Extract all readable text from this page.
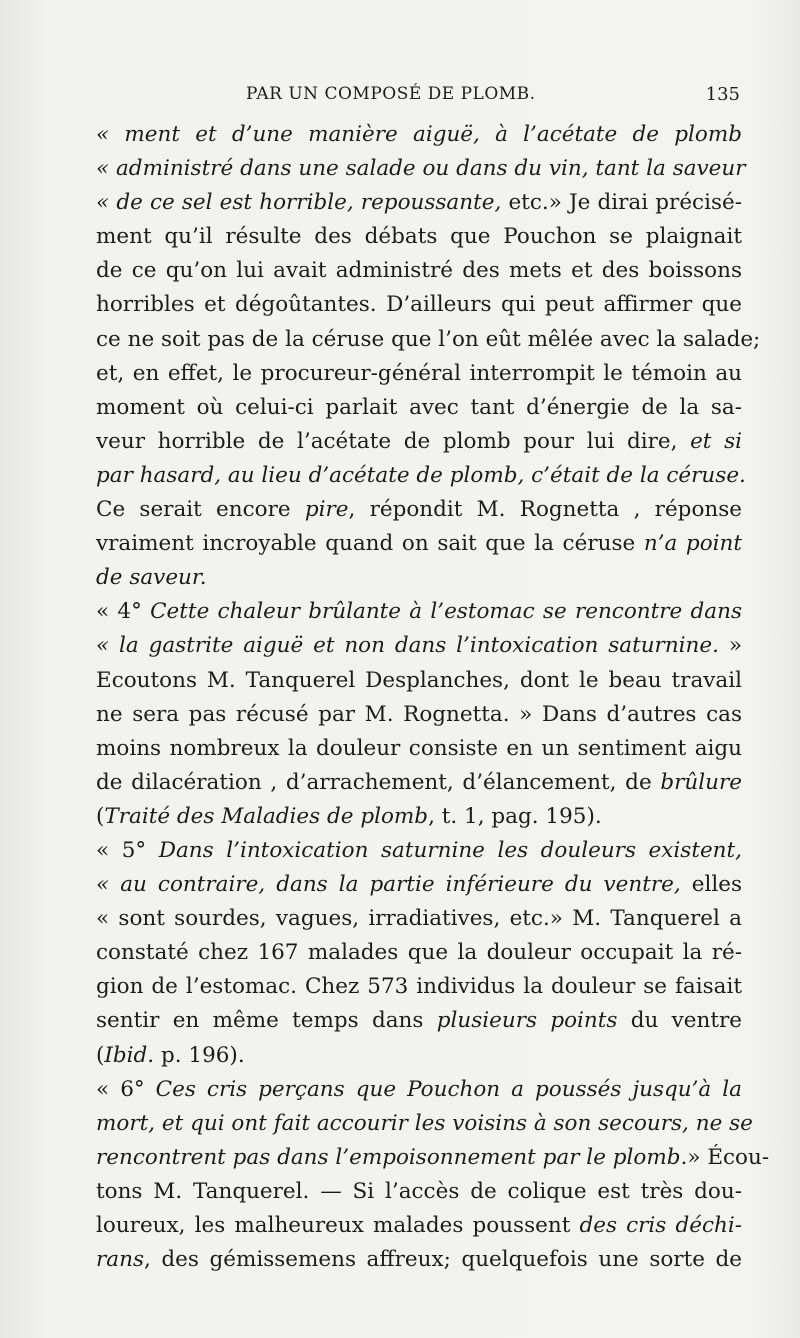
PAR UN COMPOSÉ DE PLOMB.	135
« ment et d’une manière aiguë, à l’acétate de plomb
« administré dans une salade ou dans du vin, tant la saveur
« de ce sel est horrible, repoussante, etc.» Je dirai précisé-
ment qu’il résulte des débats que Pouchon se plaignait
de ce qu’on lui avait administré des mets et des boissons
horribles et dégoûtantes. D’ailleurs qui peut affirmer que
ce ne soit pas de la céruse que l’on eût mêlée avec la salade;
et, en effet, le procureur-général interrompit le témoin au
moment où celui-ci parlait avec tant d’énergie de la sa-
veur horrible de l’acétate de plomb pour lui dire, et si
par hasard, au lieu d’acétate de plomb, c’était de la céruse.
Ce serait encore pire, répondit M. Rognetta , réponse
vraiment incroyable quand on sait que la céruse n’a point
de saveur.
« 4° Cette chaleur brûlante à l’estomac se rencontre dans
« la gastrite aiguë et non dans l’intoxication saturnine. »
Ecoutons M. Tanquerel Desplanches, dont le beau travail
ne sera pas récusé par M. Rognetta. » Dans d’autres cas
moins nombreux la douleur consiste en un sentiment aigu
de dilacération , d’arrachement, d’élancement, de brûlure
(Traité des Maladies de plomb, t. 1, pag. 195).
« 5° Dans l’intoxication saturnine les douleurs existent,
« au contraire, dans la partie inférieure du ventre, elles
« sont sourdes, vagues, irradiatives, etc.» M. Tanquerel a
constaté chez 167 malades que la douleur occupait la ré-
gion de l’estomac. Chez 573 individus la douleur se faisait
sentir en même temps dans plusieurs points du ventre
(Ibid. p. 196).
« 6° Ces cris perçans que Pouchon a poussés jusqu’à la
mort, et qui ont fait accourir les voisins à son secours, ne se
rencontrent pas dans l’empoisonnement par le plomb.» Écou-
tons M. Tanquerel. — Si l’accès de colique est très dou-
loureux, les malheureux malades poussent des cris déchi-
rans, des gémissemens affreux; quelquefois une sorte de
